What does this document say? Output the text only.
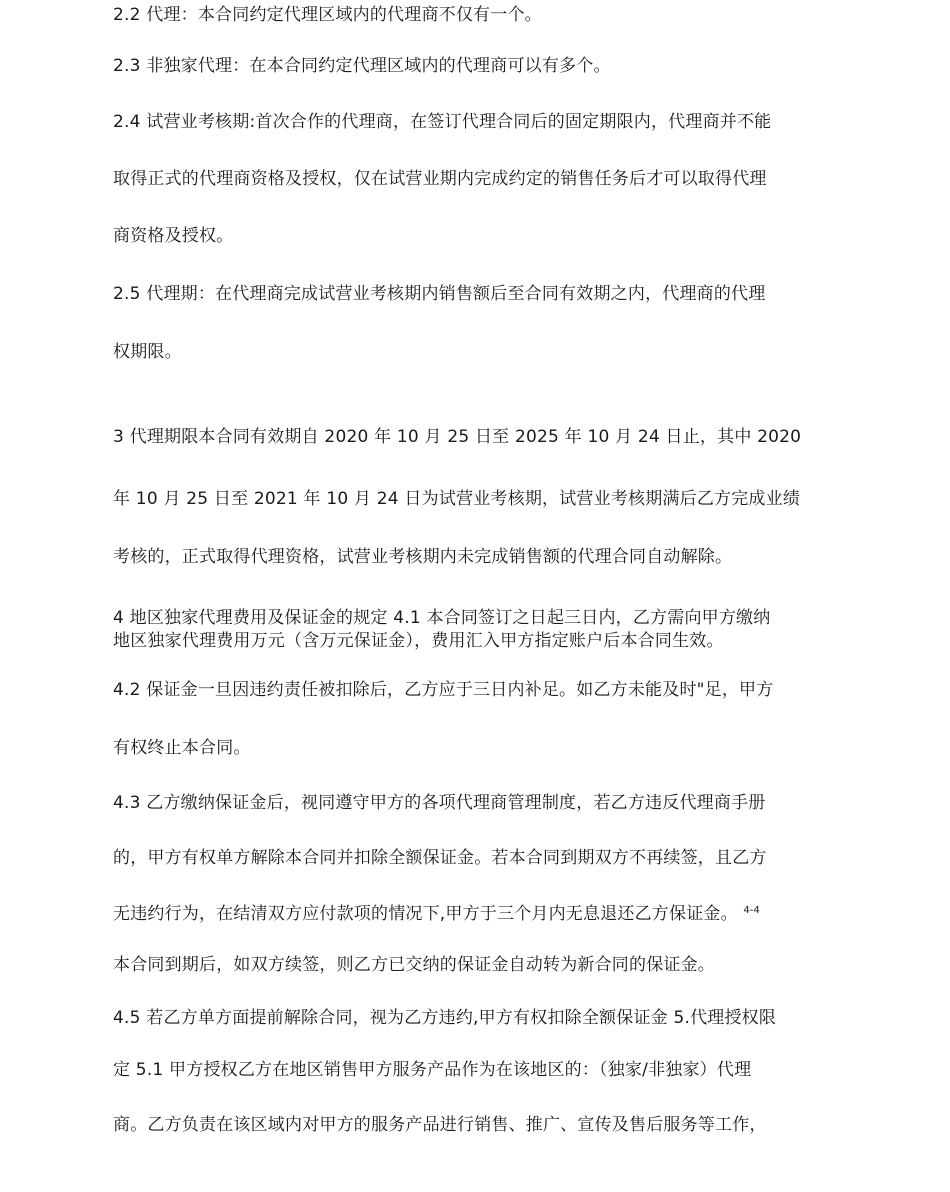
2.2 代理：本合同约定代理区域内的代理商不仅有一个。
2.3 非独家代理：在本合同约定代理区域内的代理商可以有多个。
2.4 试营业考核期:首次合作的代理商，在签订代理合同后的固定期限内，代理商并不能
取得正式的代理商资格及授权，仅在试营业期内完成约定的销售任务后才可以取得代理
商资格及授权。
2.5 代理期：在代理商完成试营业考核期内销售额后至合同有效期之内，代理商的代理
权期限。
3 代理期限本合同有效期自 2020 年 10 月 25 日至 2025 年 10 月 24 日止，其中 2020
年 10 月 25 日至 2021 年 10 月 24 日为试营业考核期，试营业考核期满后乙方完成业绩
考核的，正式取得代理资格，试营业考核期内未完成销售额的代理合同自动解除。
4 地区独家代理费用及保证金的规定 4.1 本合同签订之日起三日内，乙方需向甲方缴纳
地区独家代理费用万元（含万元保证金），费用汇入甲方指定账户后本合同生效。
4.2 保证金一旦因违约责任被扣除后，乙方应于三日内补足。如乙方未能及时"足，甲方
有权终止本合同。
4.3 乙方缴纳保证金后，视同遵守甲方的各项代理商管理制度，若乙方违反代理商手册
的，甲方有权单方解除本合同并扣除全额保证金。若本合同到期双方不再续签，且乙方
无违约行为，在结清双方应付款项的情况下,甲方于三个月内无息退还乙方保证金。 $^{4-4}$
本合同到期后，如双方续签，则乙方已交纳的保证金自动转为新合同的保证金。
4.5 若乙方单方面提前解除合同，视为乙方违约,甲方有权扣除全额保证金 5.代理授权限
定 5.1 甲方授权乙方在地区销售甲方服务产品作为在该地区的：（独家/非独家）代理
商。乙方负责在该区域内对甲方的服务产品进行销售、推广、宣传及售后服务等工作，
